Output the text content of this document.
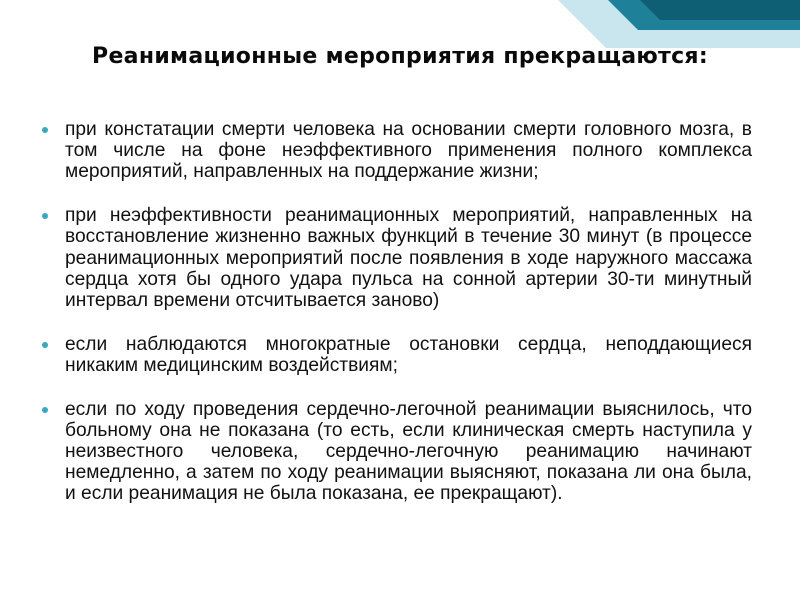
Реанимационные мероприятия прекращаются:
при констатации смерти человека на основании смерти головного мозга, в том числе на фоне неэффективного применения полного комплекса мероприятий, направленных на поддержание жизни;
при неэффективности реанимационных мероприятий, направленных на восстановление жизненно важных функций в течение 30 минут (в процессе реанимационных мероприятий после появления в ходе наружного массажа сердца хотя бы одного удара пульса на сонной артерии 30-ти минутный интервал времени отсчитывается заново)
если наблюдаются многократные остановки сердца, неподдающиеся никаким медицинским воздействиям;
если по ходу проведения сердечно-легочной реанимации выяснилось, что больному она не показана (то есть, если клиническая смерть наступила у неизвестного человека, сердечно-легочную реанимацию начинают немедленно, а затем по ходу реанимации выясняют, показана ли она была, и если реанимация не была показана, ее прекращают).
